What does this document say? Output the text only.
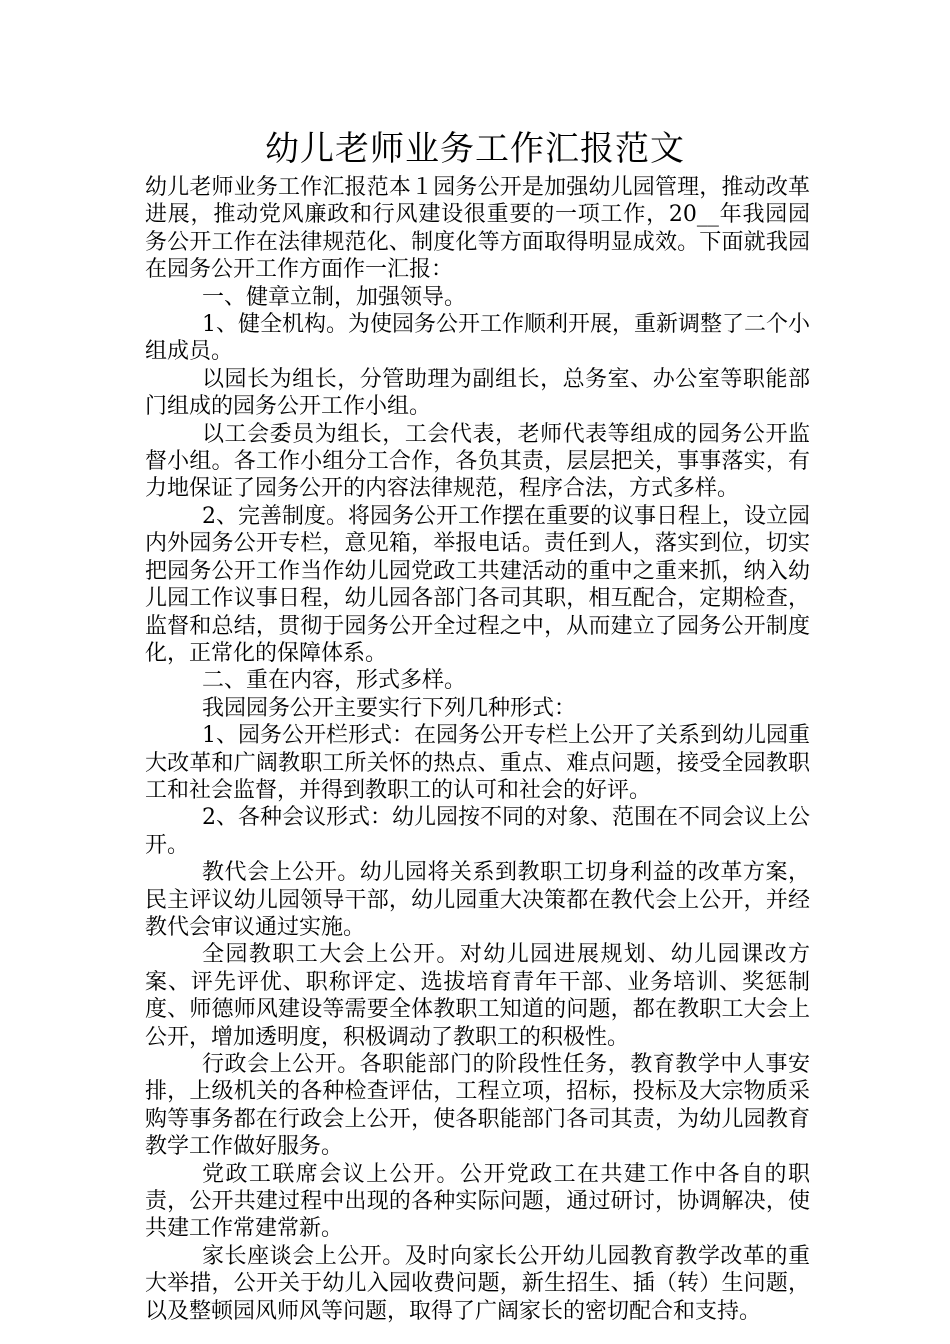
幼儿老师业务工作汇报范文

幼儿老师业务工作汇报范本１园务公开是加强幼儿园管理，推动改革进展，推动党风廉政和行风建设很重要的一项工作，20__年我园园务公开工作在法律规范化、制度化等方面取得明显成效。下面就我园在园务公开工作方面作一汇报：

一、健章立制，加强领导。

1、健全机构。为使园务公开工作顺利开展，重新调整了二个小组成员。

以园长为组长，分管助理为副组长，总务室、办公室等职能部门组成的园务公开工作小组。

以工会委员为组长，工会代表，老师代表等组成的园务公开监督小组。各工作小组分工合作，各负其责，层层把关，事事落实，有力地保证了园务公开的内容法律规范，程序合法，方式多样。

2、完善制度。将园务公开工作摆在重要的议事日程上，设立园内外园务公开专栏，意见箱，举报电话。责任到人，落实到位，切实把园务公开工作当作幼儿园党政工共建活动的重中之重来抓，纳入幼儿园工作议事日程，幼儿园各部门各司其职，相互配合，定期检查，监督和总结，贯彻于园务公开全过程之中，从而建立了园务公开制度化，正常化的保障体系。

二、重在内容，形式多样。

我园园务公开主要实行下列几种形式：

1、园务公开栏形式：在园务公开专栏上公开了关系到幼儿园重大改革和广阔教职工所关怀的热点、重点、难点问题，接受全园教职工和社会监督，并得到教职工的认可和社会的好评。

2、各种会议形式：幼儿园按不同的对象、范围在不同会议上公开。

教代会上公开。幼儿园将关系到教职工切身利益的改革方案，民主评议幼儿园领导干部，幼儿园重大决策都在教代会上公开，并经教代会审议通过实施。

全园教职工大会上公开。对幼儿园进展规划、幼儿园课改方案、评先评优、职称评定、选拔培育青年干部、业务培训、奖惩制度、师德师风建设等需要全体教职工知道的问题，都在教职工大会上公开，增加透明度，积极调动了教职工的积极性。

行政会上公开。各职能部门的阶段性任务，教育教学中人事安排，上级机关的各种检查评估，工程立项，招标，投标及大宗物质采购等事务都在行政会上公开，使各职能部门各司其责，为幼儿园教育教学工作做好服务。

党政工联席会议上公开。公开党政工在共建工作中各自的职责，公开共建过程中出现的各种实际问题，通过研讨，协调解决，使共建工作常建常新。

家长座谈会上公开。及时向家长公开幼儿园教育教学改革的重大举措，公开关于幼儿入园收费问题，新生招生、插（转）生问题，以及整顿园风师风等问题，取得了广阔家长的密切配合和支持。
